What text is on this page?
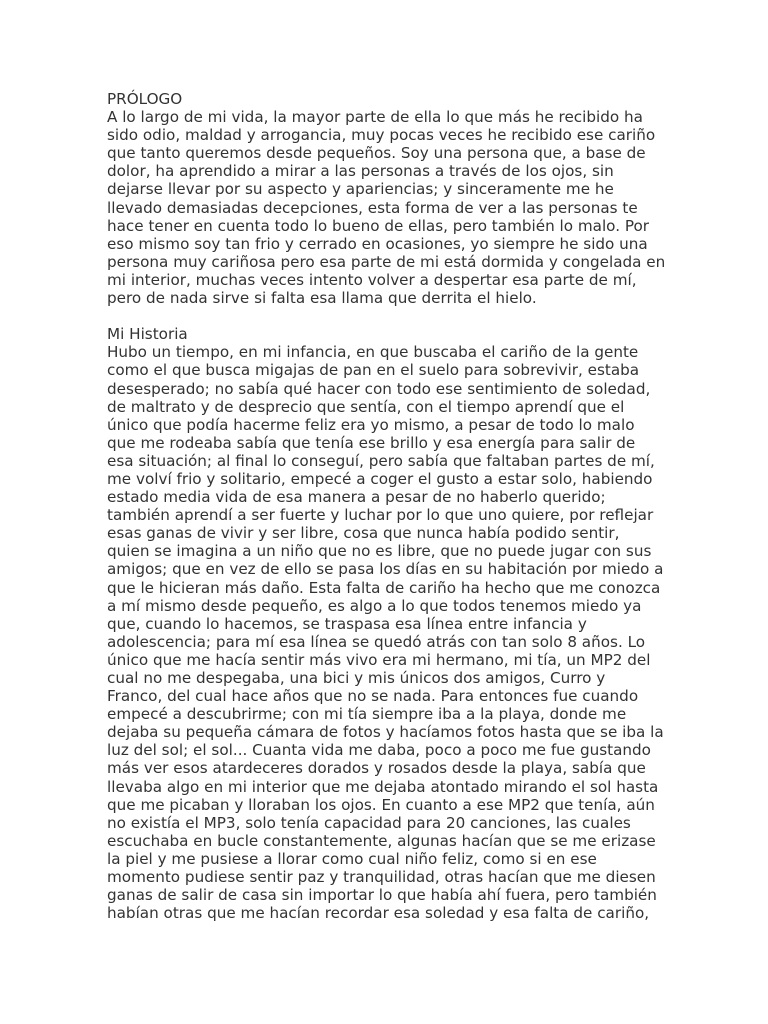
PRÓLOGO

A lo largo de mi vida, la mayor parte de ella lo que más he recibido ha

sido odio, maldad y arrogancia, muy pocas veces he recibido ese cariño

que tanto queremos desde pequeños. Soy una persona que, a base de

dolor, ha aprendido a mirar a las personas a través de los ojos, sin

dejarse llevar por su aspecto y apariencias; y sinceramente me he

llevado demasiadas decepciones, esta forma de ver a las personas te

hace tener en cuenta todo lo bueno de ellas, pero también lo malo. Por

eso mismo soy tan frio y cerrado en ocasiones, yo siempre he sido una

persona muy cariñosa pero esa parte de mi está dormida y congelada en

mi interior, muchas veces intento volver a despertar esa parte de mí,

pero de nada sirve si falta esa llama que derrita el hielo.

Mi Historia

Hubo un tiempo, en mi infancia, en que buscaba el cariño de la gente

como el que busca migajas de pan en el suelo para sobrevivir, estaba

desesperado; no sabía qué hacer con todo ese sentimiento de soledad,

de maltrato y de desprecio que sentía, con el tiempo aprendí que el

único que podía hacerme feliz era yo mismo, a pesar de todo lo malo

que me rodeaba sabía que tenía ese brillo y esa energía para salir de

esa situación; al final lo conseguí, pero sabía que faltaban partes de mí,

me volví frio y solitario, empecé a coger el gusto a estar solo, habiendo

estado media vida de esa manera a pesar de no haberlo querido;

también aprendí a ser fuerte y luchar por lo que uno quiere, por reflejar

esas ganas de vivir y ser libre, cosa que nunca había podido sentir,

quien se imagina a un niño que no es libre, que no puede jugar con sus

amigos; que en vez de ello se pasa los días en su habitación por miedo a

que le hicieran más daño. Esta falta de cariño ha hecho que me conozca

a mí mismo desde pequeño, es algo a lo que todos tenemos miedo ya

que, cuando lo hacemos, se traspasa esa línea entre infancia y

adolescencia; para mí esa línea se quedó atrás con tan solo 8 años. Lo

único que me hacía sentir más vivo era mi hermano, mi tía, un MP2 del

cual no me despegaba, una bici y mis únicos dos amigos, Curro y

Franco, del cual hace años que no se nada. Para entonces fue cuando

empecé a descubrirme; con mi tía siempre iba a la playa, donde me

dejaba su pequeña cámara de fotos y hacíamos fotos hasta que se iba la

luz del sol; el sol... Cuanta vida me daba, poco a poco me fue gustando

más ver esos atardeceres dorados y rosados desde la playa, sabía que

llevaba algo en mi interior que me dejaba atontado mirando el sol hasta

que me picaban y lloraban los ojos. En cuanto a ese MP2 que tenía, aún

no existía el MP3, solo tenía capacidad para 20 canciones, las cuales

escuchaba en bucle constantemente, algunas hacían que se me erizase

la piel y me pusiese a llorar como cual niño feliz, como si en ese

momento pudiese sentir paz y tranquilidad, otras hacían que me diesen

ganas de salir de casa sin importar lo que había ahí fuera, pero también

habían otras que me hacían recordar esa soledad y esa falta de cariño,
